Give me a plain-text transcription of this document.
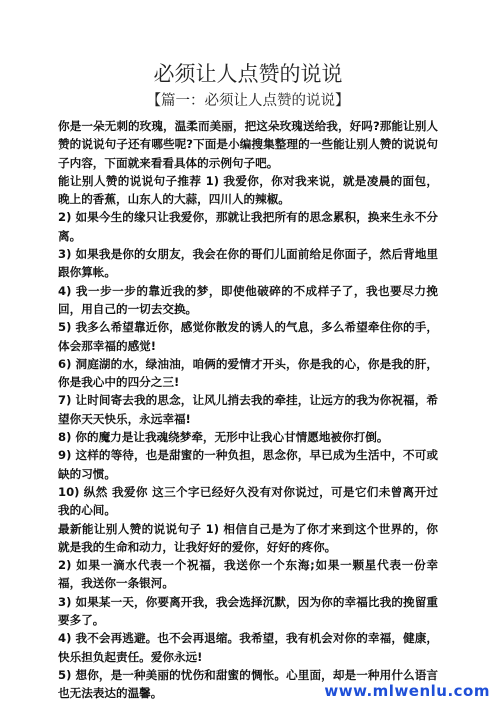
必须让人点赞的说说
【篇一：必须让人点赞的说说】

你是一朵无刺的玫瑰，温柔而美丽，把这朵玫瑰送给我，好吗?那能让别人赞的说说句子还有哪些呢?下面是小编搜集整理的一些能让别人赞的说说句子内容，下面就来看看具体的示例句子吧。

能让别人赞的说说句子推荐 1) 我爱你，你对我来说，就是凌晨的面包，晚上的香蕉，山东人的大蒜，四川人的辣椒。

2) 如果今生的缘只让我爱你，那就让我把所有的思念累积，换来生永不分离。

3) 如果我是你的女朋友，我会在你的哥们儿面前给足你面子，然后背地里跟你算帐。

4) 我一步一步的靠近我的梦，即使他破碎的不成样子了，我也要尽力挽回，用自己的一切去交换。

5) 我多么希望靠近你，感觉你散发的诱人的气息，多么希望牵住你的手，体会那幸福的感觉!

6) 洞庭湖的水，绿油油，咱俩的爱情才开头，你是我的心，你是我的肝，你是我心中的四分之三!

7) 让时间寄去我的思念，让风儿捎去我的牵挂，让远方的我为你祝福，希望你天天快乐，永远幸福!

8) 你的魔力是让我魂绕梦牵，无形中让我心甘情愿地被你打倒。

9) 这样的等待，也是甜蜜的一种负担，思念你，早已成为生活中，不可或缺的习惯。

10) 纵然 我爱你 这三个字已经好久没有对你说过，可是它们未曾离开过我的心间。

最新能让别人赞的说说句子 1) 相信自己是为了你才来到这个世界的，你就是我的生命和动力，让我好好的爱你，好好的疼你。

2) 如果一滴水代表一个祝福，我送你一个东海;如果一颗星代表一份幸福，我送你一条银河。

3) 如果某一天，你要离开我，我会选择沉默，因为你的幸福比我的挽留重要多了。

4) 我不会再逃避。也不会再退缩。我希望，我有机会对你的幸福，健康，快乐担负起责任。爱你永远!

5) 想你，是一种美丽的忧伤和甜蜜的惆怅。心里面，却是一种用什么语言也无法表达的温馨。	www.mlwenlu.com
